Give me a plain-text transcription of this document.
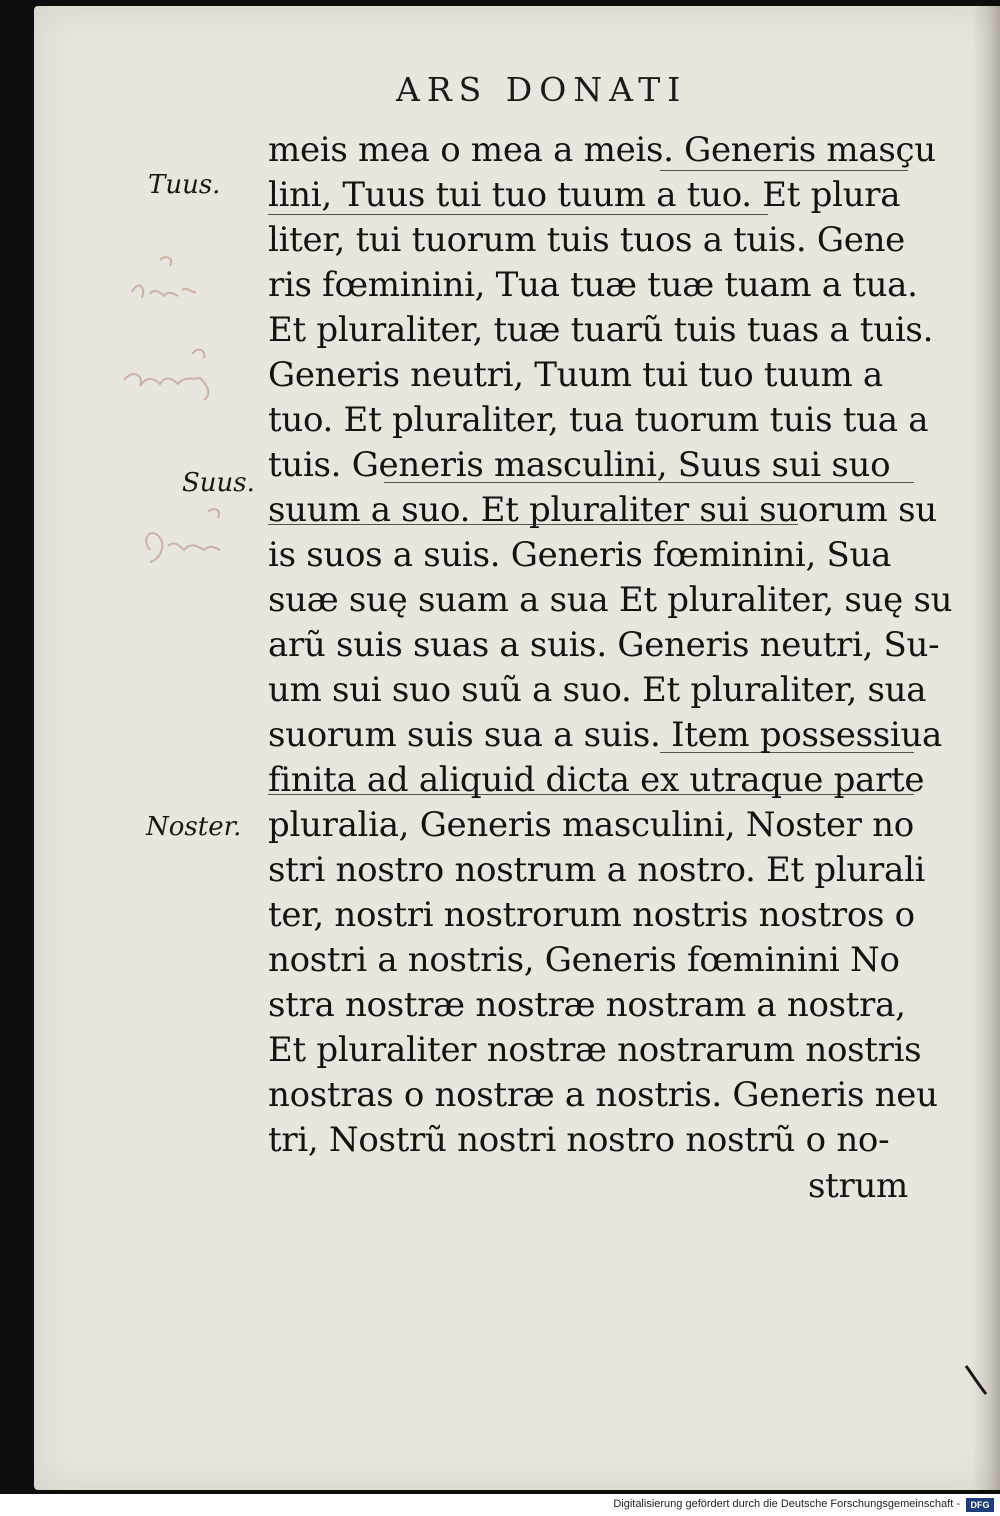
ARS DONATI
meis mea o mea a meis. Generis masçu
lini, Tuus tui tuo tuum a tuo. Et plura
liter, tui tuorum tuis tuos a tuis. Gene
ris fœminini, Tua tuæ tuæ tuam a tua.
Et pluraliter, tuæ tuarũ tuis tuas a tuis.
Generis neutri, Tuum tui tuo tuum a
tuo. Et pluraliter, tua tuorum tuis tua a
tuis. Generis masculini, Suus sui suo
suum a suo. Et pluraliter sui suorum su
is suos a suis. Generis fœminini, Sua
suæ suę suam a sua Et pluraliter, suę su
arũ suis suas a suis. Generis neutri, Su-
um sui suo suũ a suo. Et pluraliter, sua
suorum suis sua a suis. Item possessiua
finita ad aliquid dicta ex utraque parte
pluralia, Generis masculini, Noster no
stri nostro nostrum a nostro. Et plurali
ter, nostri nostrorum nostris nostros o
nostri a nostris, Generis fœminini No
stra nostræ nostræ nostram a nostra,
Et pluraliter nostræ nostrarum nostris
nostras o nostræ a nostris. Generis neu
tri, Nostrũ nostri nostro nostrũ o no-
strum
Tuus.
Suus.
Noster.
Digitalisierung gefördert durch die Deutsche Forschungsgemeinschaft -	DFG
